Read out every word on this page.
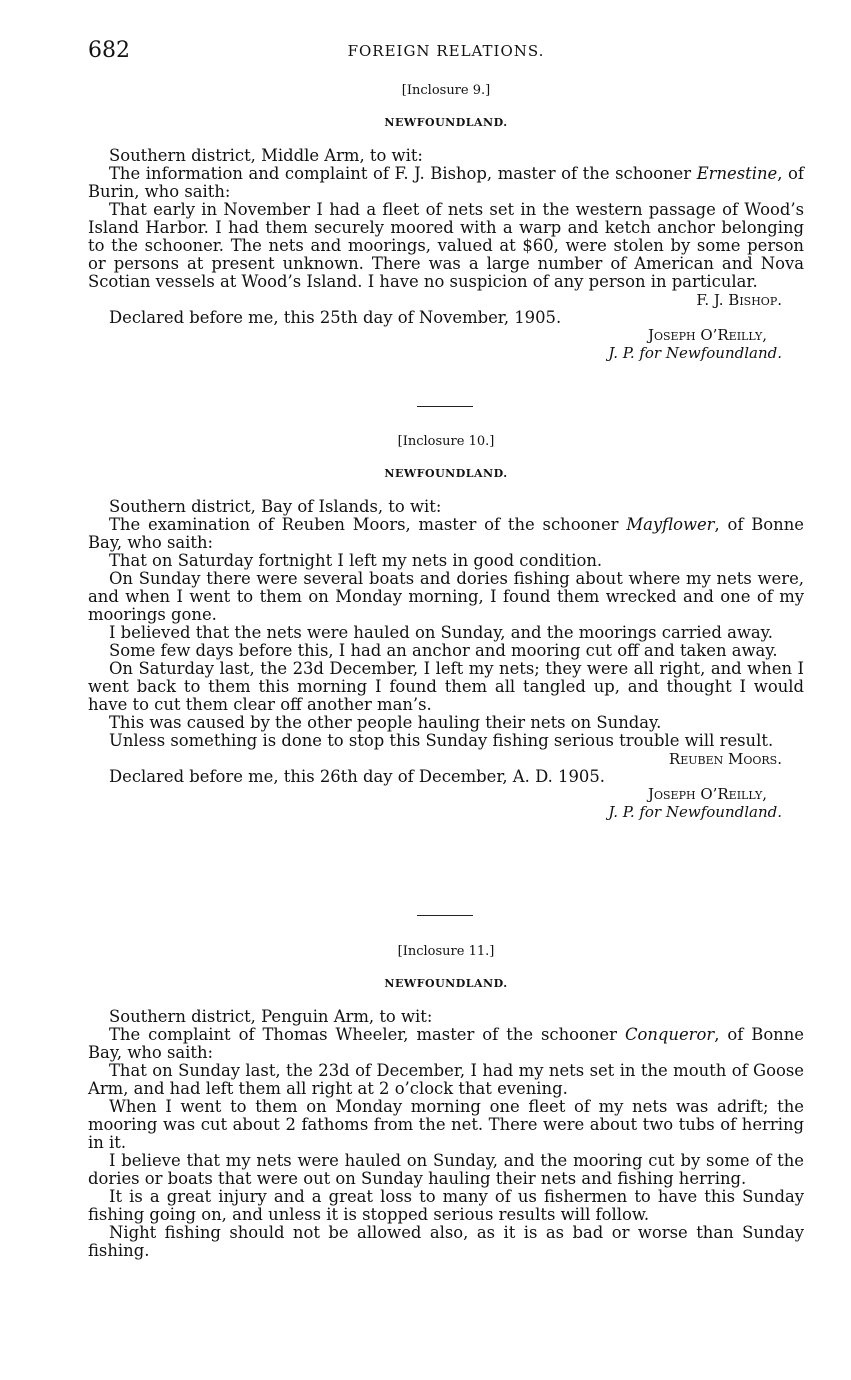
682	FOREIGN RELATIONS.
[Inclosure 9.]
NEWFOUNDLAND.

Southern district, Middle Arm, to wit:

The information and complaint of F. J. Bishop, master of the schooner Ernestine, of Burin, who saith:

That early in November I had a fleet of nets set in the western passage of Wood’s Island Harbor. I had them securely moored with a warp and ketch anchor belonging to the schooner. The nets and moorings, valued at $60, were stolen by some person or persons at present unknown. There was a large number of American and Nova Scotian vessels at Wood’s Island. I have no suspicion of any person in particular.

F. J. Bishop.

Declared before me, this 25th day of November, 1905.

Joseph O’Reilly,
J. P. for Newfoundland.
[Inclosure 10.]
NEWFOUNDLAND.

Southern district, Bay of Islands, to wit:

The examination of Reuben Moors, master of the schooner Mayflower, of Bonne Bay, who saith:

That on Saturday fortnight I left my nets in good condition.

On Sunday there were several boats and dories fishing about where my nets were, and when I went to them on Monday morning, I found them wrecked and one of my moorings gone.

I believed that the nets were hauled on Sunday, and the moorings carried away.

Some few days before this, I had an anchor and mooring cut off and taken away.

On Saturday last, the 23d December, I left my nets; they were all right, and when I went back to them this morning I found them all tangled up, and thought I would have to cut them clear off another man’s.

This was caused by the other people hauling their nets on Sunday.

Unless something is done to stop this Sunday fishing serious trouble will result.

Reuben Moors.

Declared before me, this 26th day of December, A. D. 1905.

Joseph O’Reilly,
J. P. for Newfoundland.
[Inclosure 11.]
NEWFOUNDLAND.

Southern district, Penguin Arm, to wit:

The complaint of Thomas Wheeler, master of the schooner Conqueror, of Bonne Bay, who saith:

That on Sunday last, the 23d of December, I had my nets set in the mouth of Goose Arm, and had left them all right at 2 o’clock that evening.

When I went to them on Monday morning one fleet of my nets was adrift; the mooring was cut about 2 fathoms from the net. There were about two tubs of herring in it.

I believe that my nets were hauled on Sunday, and the mooring cut by some of the dories or boats that were out on Sunday hauling their nets and fishing herring.

It is a great injury and a great loss to many of us fishermen to have this Sunday fishing going on, and unless it is stopped serious results will follow.

Night fishing should not be allowed also, as it is as bad or worse than Sunday fishing.
